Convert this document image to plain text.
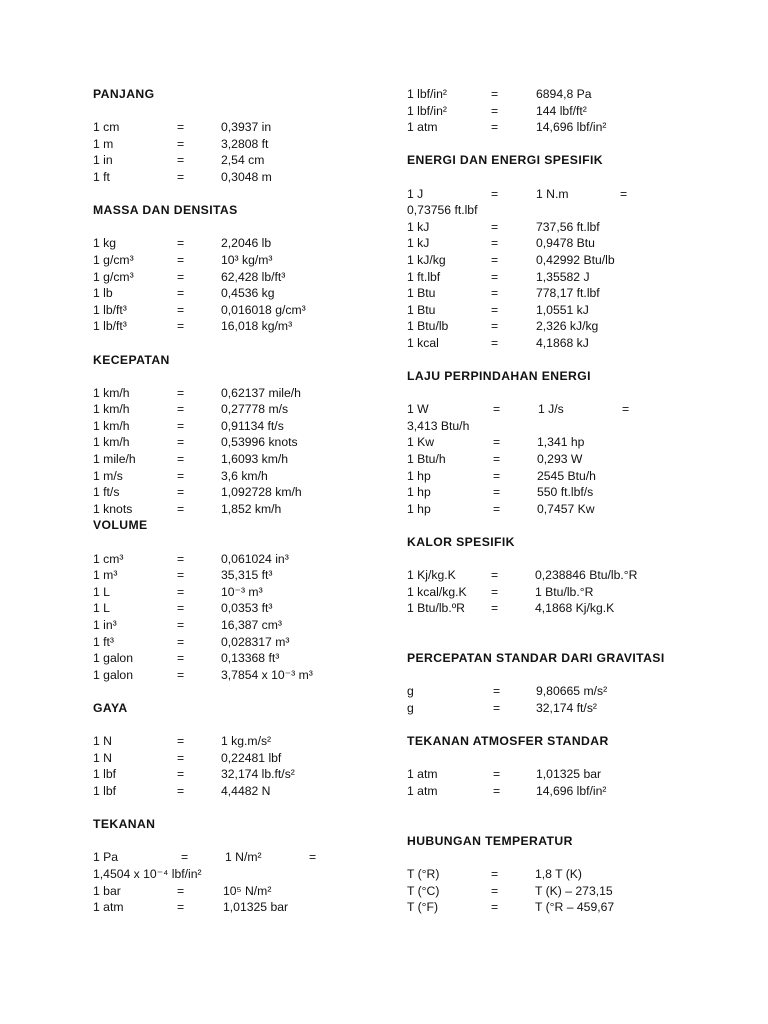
PANJANG
1 cm	=	0,3937 in
1 m	=	3,2808 ft
1 in	=	2,54 cm
1 ft	=	0,3048 m
MASSA DAN DENSITAS
1 kg	=	2,2046 lb
1 g/cm³	=	10³ kg/m³
1 g/cm³	=	62,428 lb/ft³
1 lb	=	0,4536 kg
1 lb/ft³	=	0,016018 g/cm³
1 lb/ft³	=	16,018 kg/m³
KECEPATAN
1 km/h	=	0,62137 mile/h
1 km/h	=	0,27778 m/s
1 km/h	=	0,91134 ft/s
1 km/h	=	0,53996 knots
1 mile/h	=	1,6093 km/h
1 m/s	=	3,6 km/h
1 ft/s	=	1,092728 km/h
1 knots	=	1,852 km/h
VOLUME
1 cm³	=	0,061024 in³
1 m³	=	35,315 ft³
1 L	=	10⁻³ m³
1 L	=	0,0353 ft³
1 in³	=	16,387 cm³
1 ft³	=	0,028317 m³
1 galon	=	0,13368 ft³
1 galon	=	3,7854 x 10⁻³ m³
GAYA
1 N	=	1 kg.m/s²
1 N	=	0,22481 lbf
1 lbf	=	32,174 lb.ft/s²
1 lbf	=	4,4482 N
TEKANAN
1 Pa	=	1 N/m²	=
1,4504 x 10⁻⁴ lbf/in²
1 bar	=	10⁵ N/m²
1 atm	=	1,01325 bar
1 lbf/in²	=	6894,8 Pa
1 lbf/in²	=	144 lbf/ft²
1 atm	=	14,696 lbf/in²
ENERGI DAN ENERGI SPESIFIK
1 J	=	1 N.m	=
0,73756 ft.lbf
1 kJ	=	737,56 ft.lbf
1 kJ	=	0,9478 Btu
1 kJ/kg	=	0,42992 Btu/lb
1 ft.lbf	=	1,35582 J
1 Btu	=	778,17 ft.lbf
1 Btu	=	1,0551 kJ
1 Btu/lb	=	2,326 kJ/kg
1 kcal	=	4,1868 kJ
LAJU PERPINDAHAN ENERGI
1 W	=	1 J/s	=
3,413 Btu/h
1 Kw	=	1,341 hp
1 Btu/h	=	0,293 W
1 hp	=	2545 Btu/h
1 hp	=	550 ft.lbf/s
1 hp	=	0,7457 Kw
KALOR SPESIFIK
1 Kj/kg.K	=	0,238846 Btu/lb.°R
1 kcal/kg.K =	1 Btu/lb.°R
1 Btu/lb.ºR =	4,1868 Kj/kg.K
PERCEPATAN STANDAR DARI GRAVITASI
g	=	9,80665 m/s²
g	=	32,174 ft/s²
TEKANAN ATMOSFER STANDAR
1 atm	=	1,01325 bar
1 atm	=	14,696 lbf/in²
HUBUNGAN TEMPERATUR
T (°R)	=	1,8 T (K)
T (°C)	=	T (K) – 273,15
T (°F)	=	T (°R – 459,67
